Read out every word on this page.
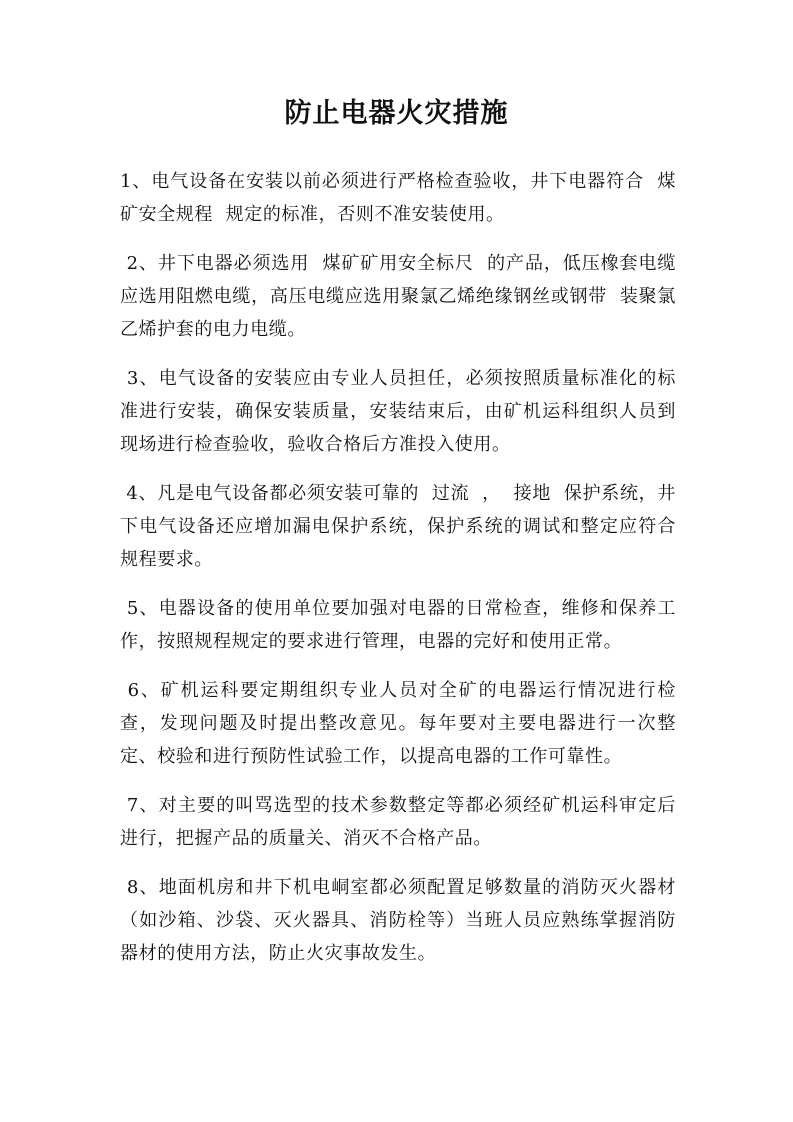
防止电器火灾措施

1、电气设备在安装以前必须进行严格检查验收，井下电器符合  煤矿安全规程  规定的标准，否则不准安装使用。

2、井下电器必须选用  煤矿矿用安全标尺  的产品，低压橡套电缆应选用阻燃电缆，高压电缆应选用聚氯乙烯绝缘钢丝或钢带  装聚氯乙烯护套的电力电缆。

3、电气设备的安装应由专业人员担任，必须按照质量标准化的标准进行安装，确保安装质量，安装结束后，由矿机运科组织人员到现场进行检查验收，验收合格后方准投入使用。

4、凡是电气设备都必须安装可靠的  过流  ，  接地  保护系统，井下电气设备还应增加漏电保护系统，保护系统的调试和整定应符合规程要求。

5、电器设备的使用单位要加强对电器的日常检查，维修和保养工作，按照规程规定的要求进行管理，电器的完好和使用正常。

6、矿机运科要定期组织专业人员对全矿的电器运行情况进行检查，发现问题及时提出整改意见。每年要对主要电器进行一次整定、校验和进行预防性试验工作，以提高电器的工作可靠性。

7、对主要的叫骂选型的技术参数整定等都必须经矿机运科审定后进行，把握产品的质量关、消灭不合格产品。

8、地面机房和井下机电峒室都必须配置足够数量的消防灭火器材（如沙箱、沙袋、灭火器具、消防栓等）当班人员应熟练掌握消防器材的使用方法，防止火灾事故发生。
